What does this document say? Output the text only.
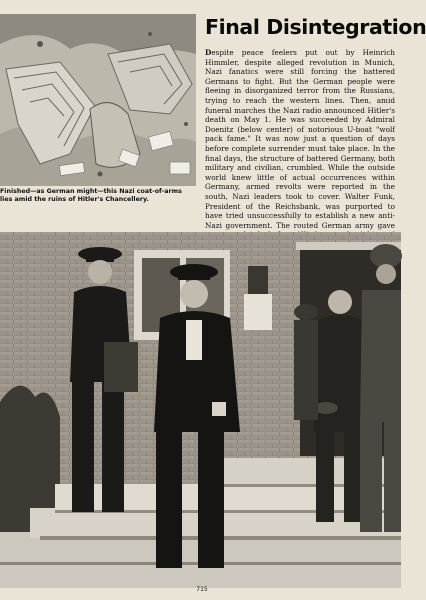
Finished—as German might—this Nazi coat-of-arms lies amid the ruins of Hitler's Chancellery.
Final Disintegration
Despite peace feelers put out by Heinrich Himmler, despite alleged revolution in Munich, Nazi fanatics were still forcing the battered Germans to fight. But the German people were fleeing in disorganized terror from the Russians, trying to reach the western lines. Then, amid funeral marches the Nazi radio announced Hitler's death on May 1. He was succeeded by Admiral Doenitz (below center) of notorious U-boat "wolf pack fame." It was now just a question of days before complete surrender must take place. In the final days, the structure of battered Germany, both military and civilian, crumbled. While the outside world knew little of actual occurrences within Germany, armed revolts were reported in the south, Nazi leaders took to cover. Walter Funk, President of the Reichsbank, was purported to have tried unsuccessfully to establish a new anti-Nazi government. The routed German army gave
715
